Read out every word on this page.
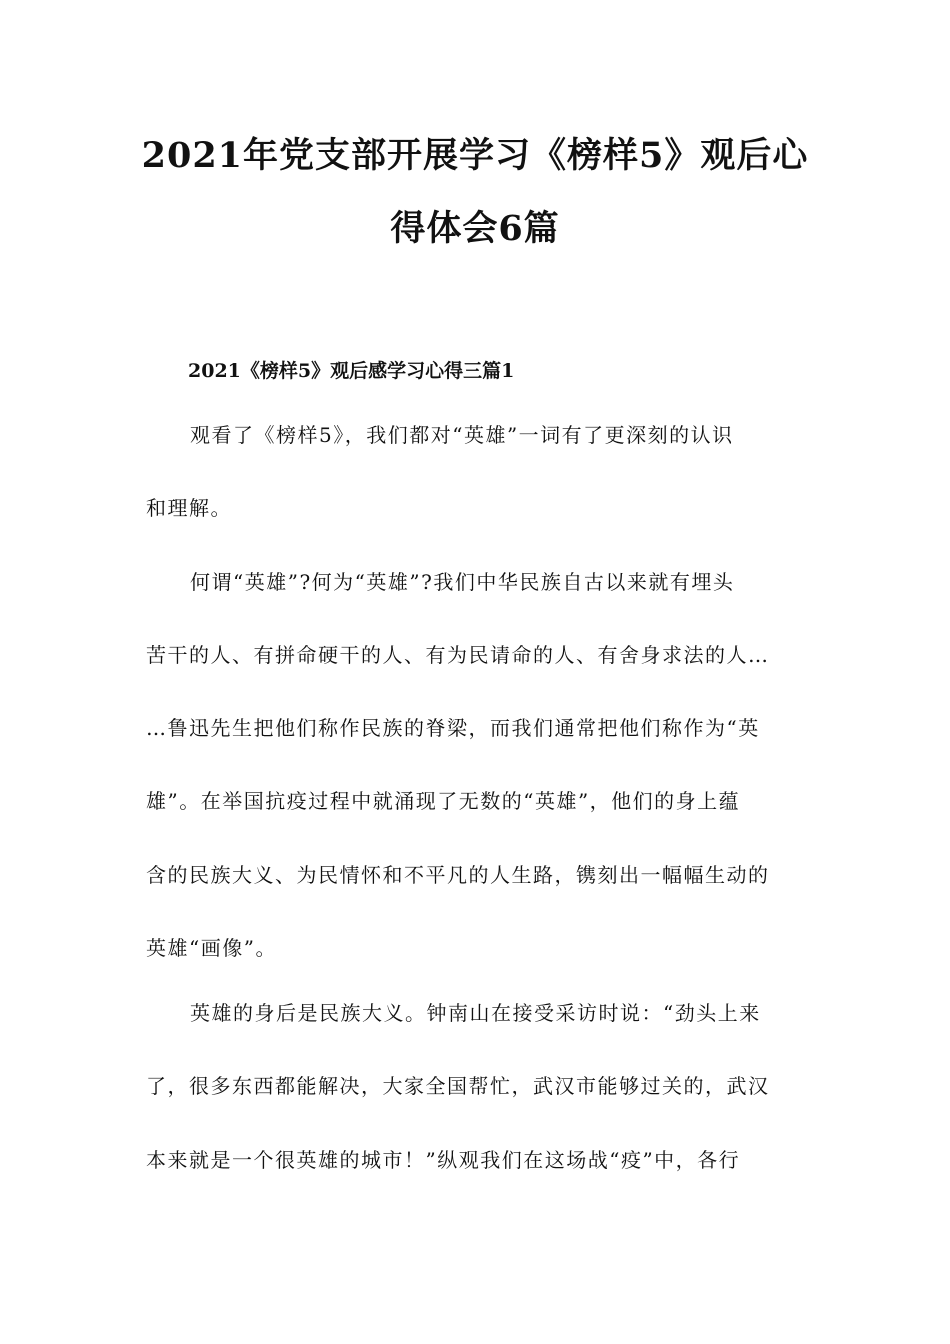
2021年党支部开展学习《榜样5》观后心
得体会6篇
2021《榜样5》观后感学习心得三篇1
观看了《榜样5》，我们都对“英雄”一词有了更深刻的认识
和理解。
何谓“英雄”?何为“英雄”?我们中华民族自古以来就有埋头
苦干的人、有拼命硬干的人、有为民请命的人、有舍身求法的人…
…鲁迅先生把他们称作民族的脊梁，而我们通常把他们称作为“英
雄”。在举国抗疫过程中就涌现了无数的“英雄”，他们的身上蕴
含的民族大义、为民情怀和不平凡的人生路，镌刻出一幅幅生动的
英雄“画像”。
英雄的身后是民族大义。钟南山在接受采访时说：“劲头上来
了，很多东西都能解决，大家全国帮忙，武汉市能够过关的，武汉
本来就是一个很英雄的城市！”纵观我们在这场战“疫”中，各行
